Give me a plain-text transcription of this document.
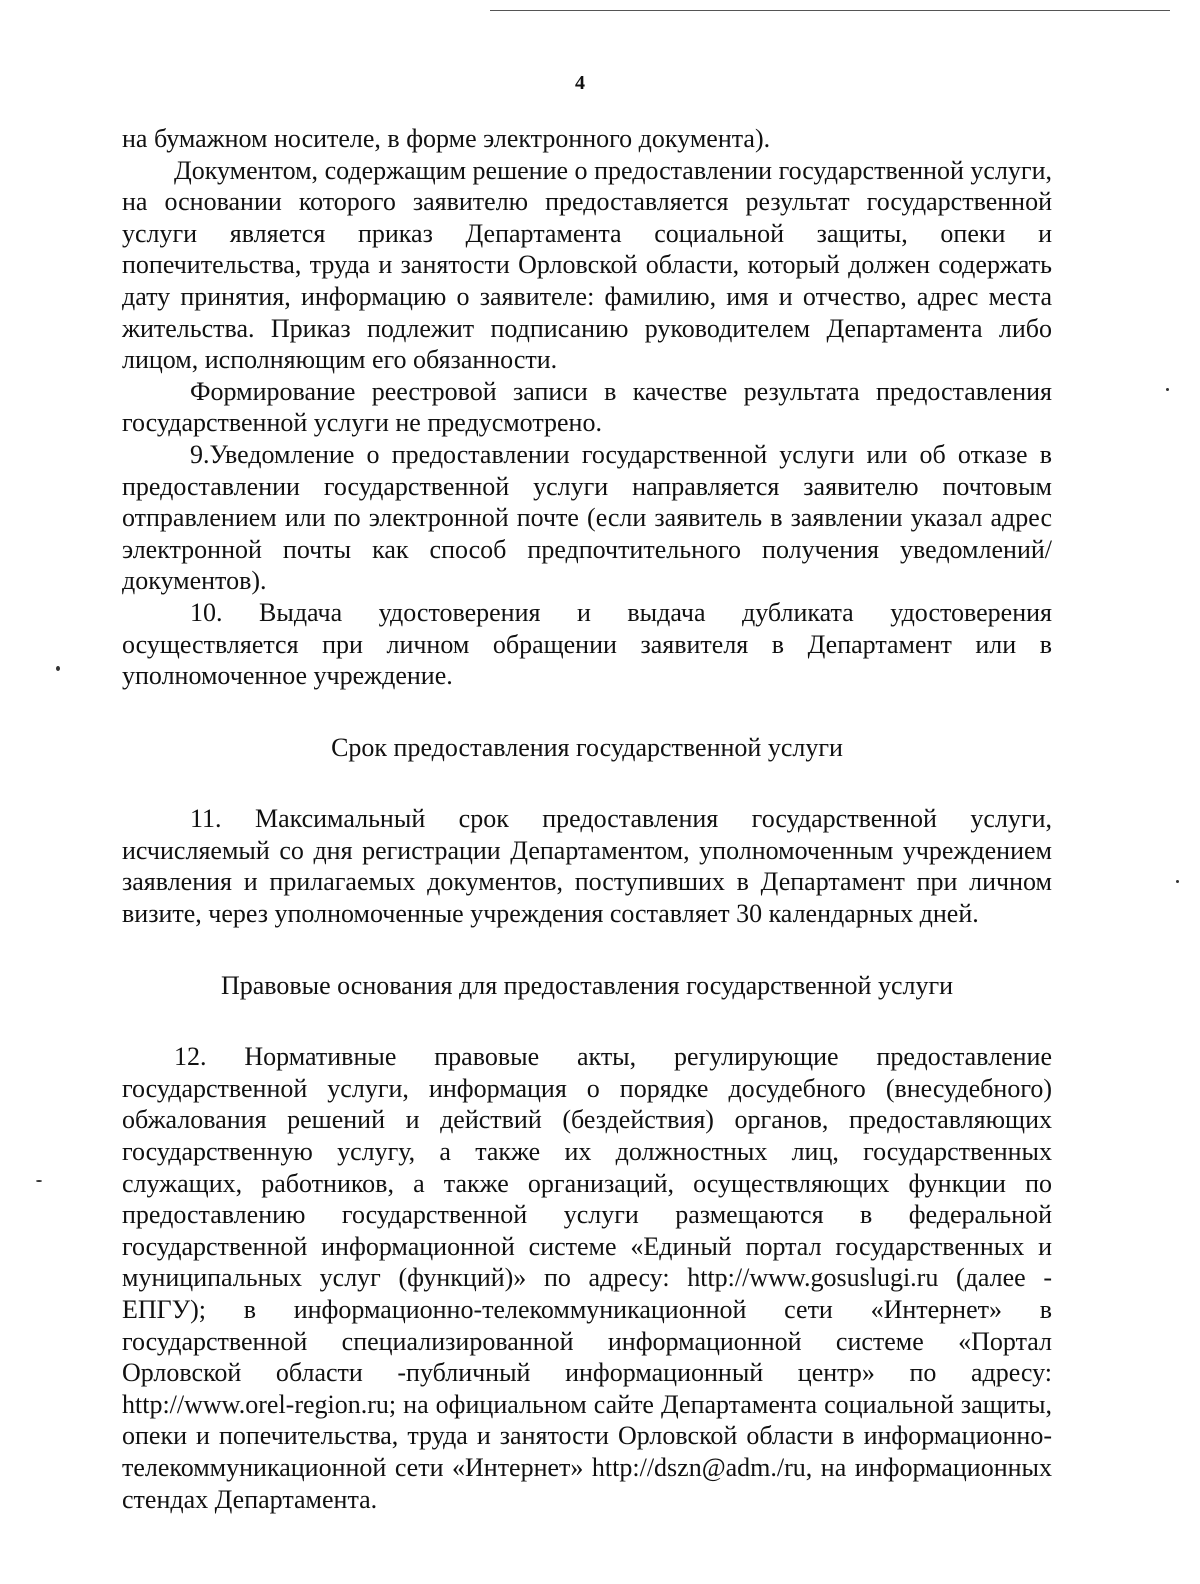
4

на бумажном носителе, в форме электронного документа).

Документом, содержащим решение о предоставлении государственной услуги, на основании которого заявителю предоставляется результат государственной услуги является приказ Департамента социальной защиты, опеки и попечительства, труда и занятости Орловской области, который должен содержать дату принятия, информацию о заявителе: фамилию, имя и отчество, адрес места жительства. Приказ подлежит подписанию руководителем Департамента либо лицом, исполняющим его обязанности.

Формирование реестровой записи в качестве результата предоставления государственной услуги не предусмотрено.

9.Уведомление о предоставлении государственной услуги или об отказе в предоставлении государственной услуги направляется заявителю почтовым отправлением или по электронной почте (если заявитель в заявлении указал адрес электронной почты как способ предпочтительного получения уведомлений/документов).

10. Выдача удостоверения и выдача дубликата удостоверения осуществляется при личном обращении заявителя в Департамент или в уполномоченное учреждение.

Срок предоставления государственной услуги

11. Максимальный срок предоставления государственной услуги, исчисляемый со дня регистрации Департаментом, уполномоченным учреждением заявления и прилагаемых документов, поступивших в Департамент при личном визите, через уполномоченные учреждения составляет 30 календарных дней.

Правовые основания для предоставления государственной услуги

12. Нормативные правовые акты, регулирующие предоставление государственной услуги, информация о порядке досудебного (внесудебного) обжалования решений и действий (бездействия) органов, предоставляющих государственную услугу, а также их должностных лиц, государственных служащих, работников, а также организаций, осуществляющих функции по предоставлению государственной услуги размещаются в федеральной государственной информационной системе «Единый портал государственных и муниципальных услуг (функций)» по адресу: http://www.gosuslugi.ru (далее - ЕПГУ); в информационно-телекоммуникационной сети «Интернет» в государственной специализированной информационной системе «Портал Орловской области -публичный информационный центр» по адресу: http://www.orel-region.ru; на официальном сайте Департамента социальной защиты, опеки и попечительства, труда и занятости Орловской области в информационно-телекоммуникационной сети «Интернет» http://dszn@adm./ru, на информационных стендах Департамента.
